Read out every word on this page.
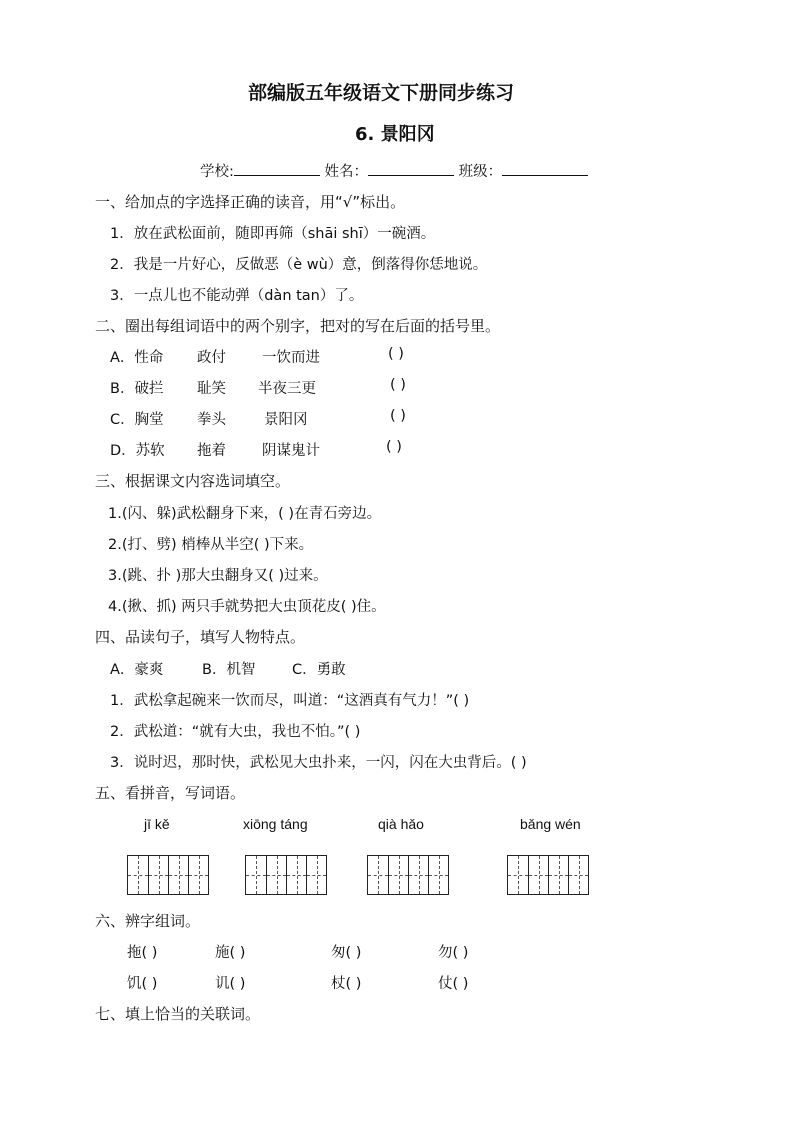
部编版五年级语文下册同步练习
6. 景阳冈
学校:	姓名：	班级：
一、给加点的字选择正确的读音，用“√”标出。
1．放在武松面前，随即再筛（shāi shī）一碗酒。
2．我是一片好心，反做恶（è wù）意，倒落得你恁地说。
3．一点儿也不能动弹（dàn tan）了。
二、圈出每组词语中的两个别字，把对的写在后面的括号里。
A．性命 政付 一饮而进	( )
B．破拦 耻笑 半夜三更	( )
C．胸堂 拳头	景阳冈	( )
D．苏软 拖着 阴谋鬼计	( )
三、根据课文内容选词填空。
1.(闪、躲)武松翻身下来，( )在青石旁边。
2.(打、劈) 梢棒从半空( )下来。
3.(跳、扑 )那大虫翻身又( )过来。
4.(揪、抓) 两只手就势把大虫顶花皮( )住。
四、品读句子，填写人物特点。
A．豪爽	B．机智	C．勇敢
1．武松拿起碗来一饮而尽，叫道：“这酒真有气力！”( )
2．武松道：“就有大虫，我也不怕。”( )
3．说时迟，那时快，武松见大虫扑来，一闪，闪在大虫背后。( )
五、看拼音，写词语。
jī kě	xiōng táng	qià hǎo	bǎng wén
六、辨字组词。
拖( )	施( )	匆( )	勿( )
饥( )	讥( )	杖( )	仗( )
七、填上恰当的关联词。
